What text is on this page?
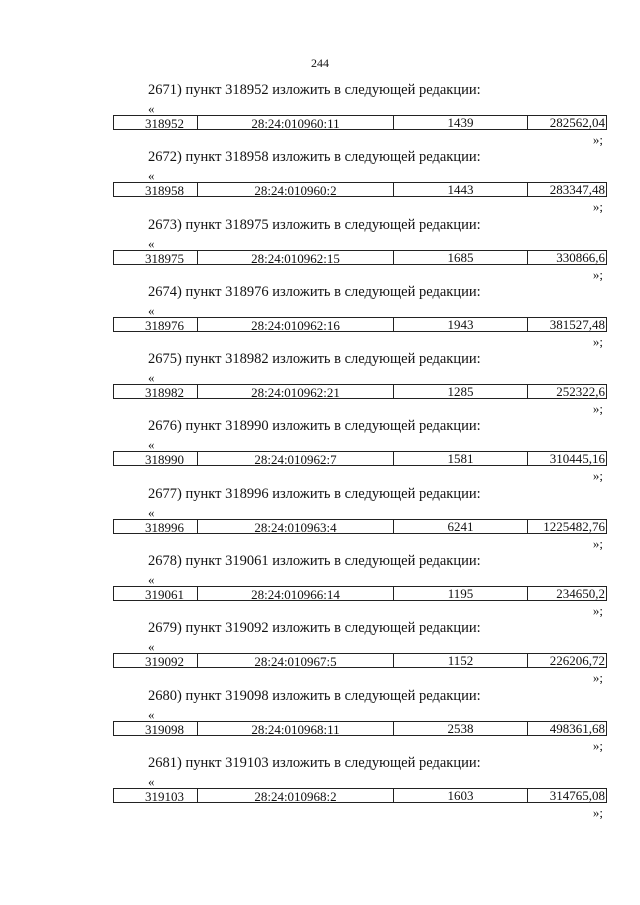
244
2671) пункт 318952 изложить в следующей редакции:
«
318952	28:24:010960:11	1439	282562,04
»;
2672) пункт 318958 изложить в следующей редакции:
«
318958	28:24:010960:2	1443	283347,48
»;
2673) пункт 318975 изложить в следующей редакции:
«
318975	28:24:010962:15	1685	330866,6
»;
2674) пункт 318976 изложить в следующей редакции:
«
318976	28:24:010962:16	1943	381527,48
»;
2675) пункт 318982 изложить в следующей редакции:
«
318982	28:24:010962:21	1285	252322,6
»;
2676) пункт 318990 изложить в следующей редакции:
«
318990	28:24:010962:7	1581	310445,16
»;
2677) пункт 318996 изложить в следующей редакции:
«
318996	28:24:010963:4	6241	1225482,76
»;
2678) пункт 319061 изложить в следующей редакции:
«
319061	28:24:010966:14	1195	234650,2
»;
2679) пункт 319092 изложить в следующей редакции:
«
319092	28:24:010967:5	1152	226206,72
»;
2680) пункт 319098 изложить в следующей редакции:
«
319098	28:24:010968:11	2538	498361,68
»;
2681) пункт 319103 изложить в следующей редакции:
«
319103	28:24:010968:2	1603	314765,08
»;
